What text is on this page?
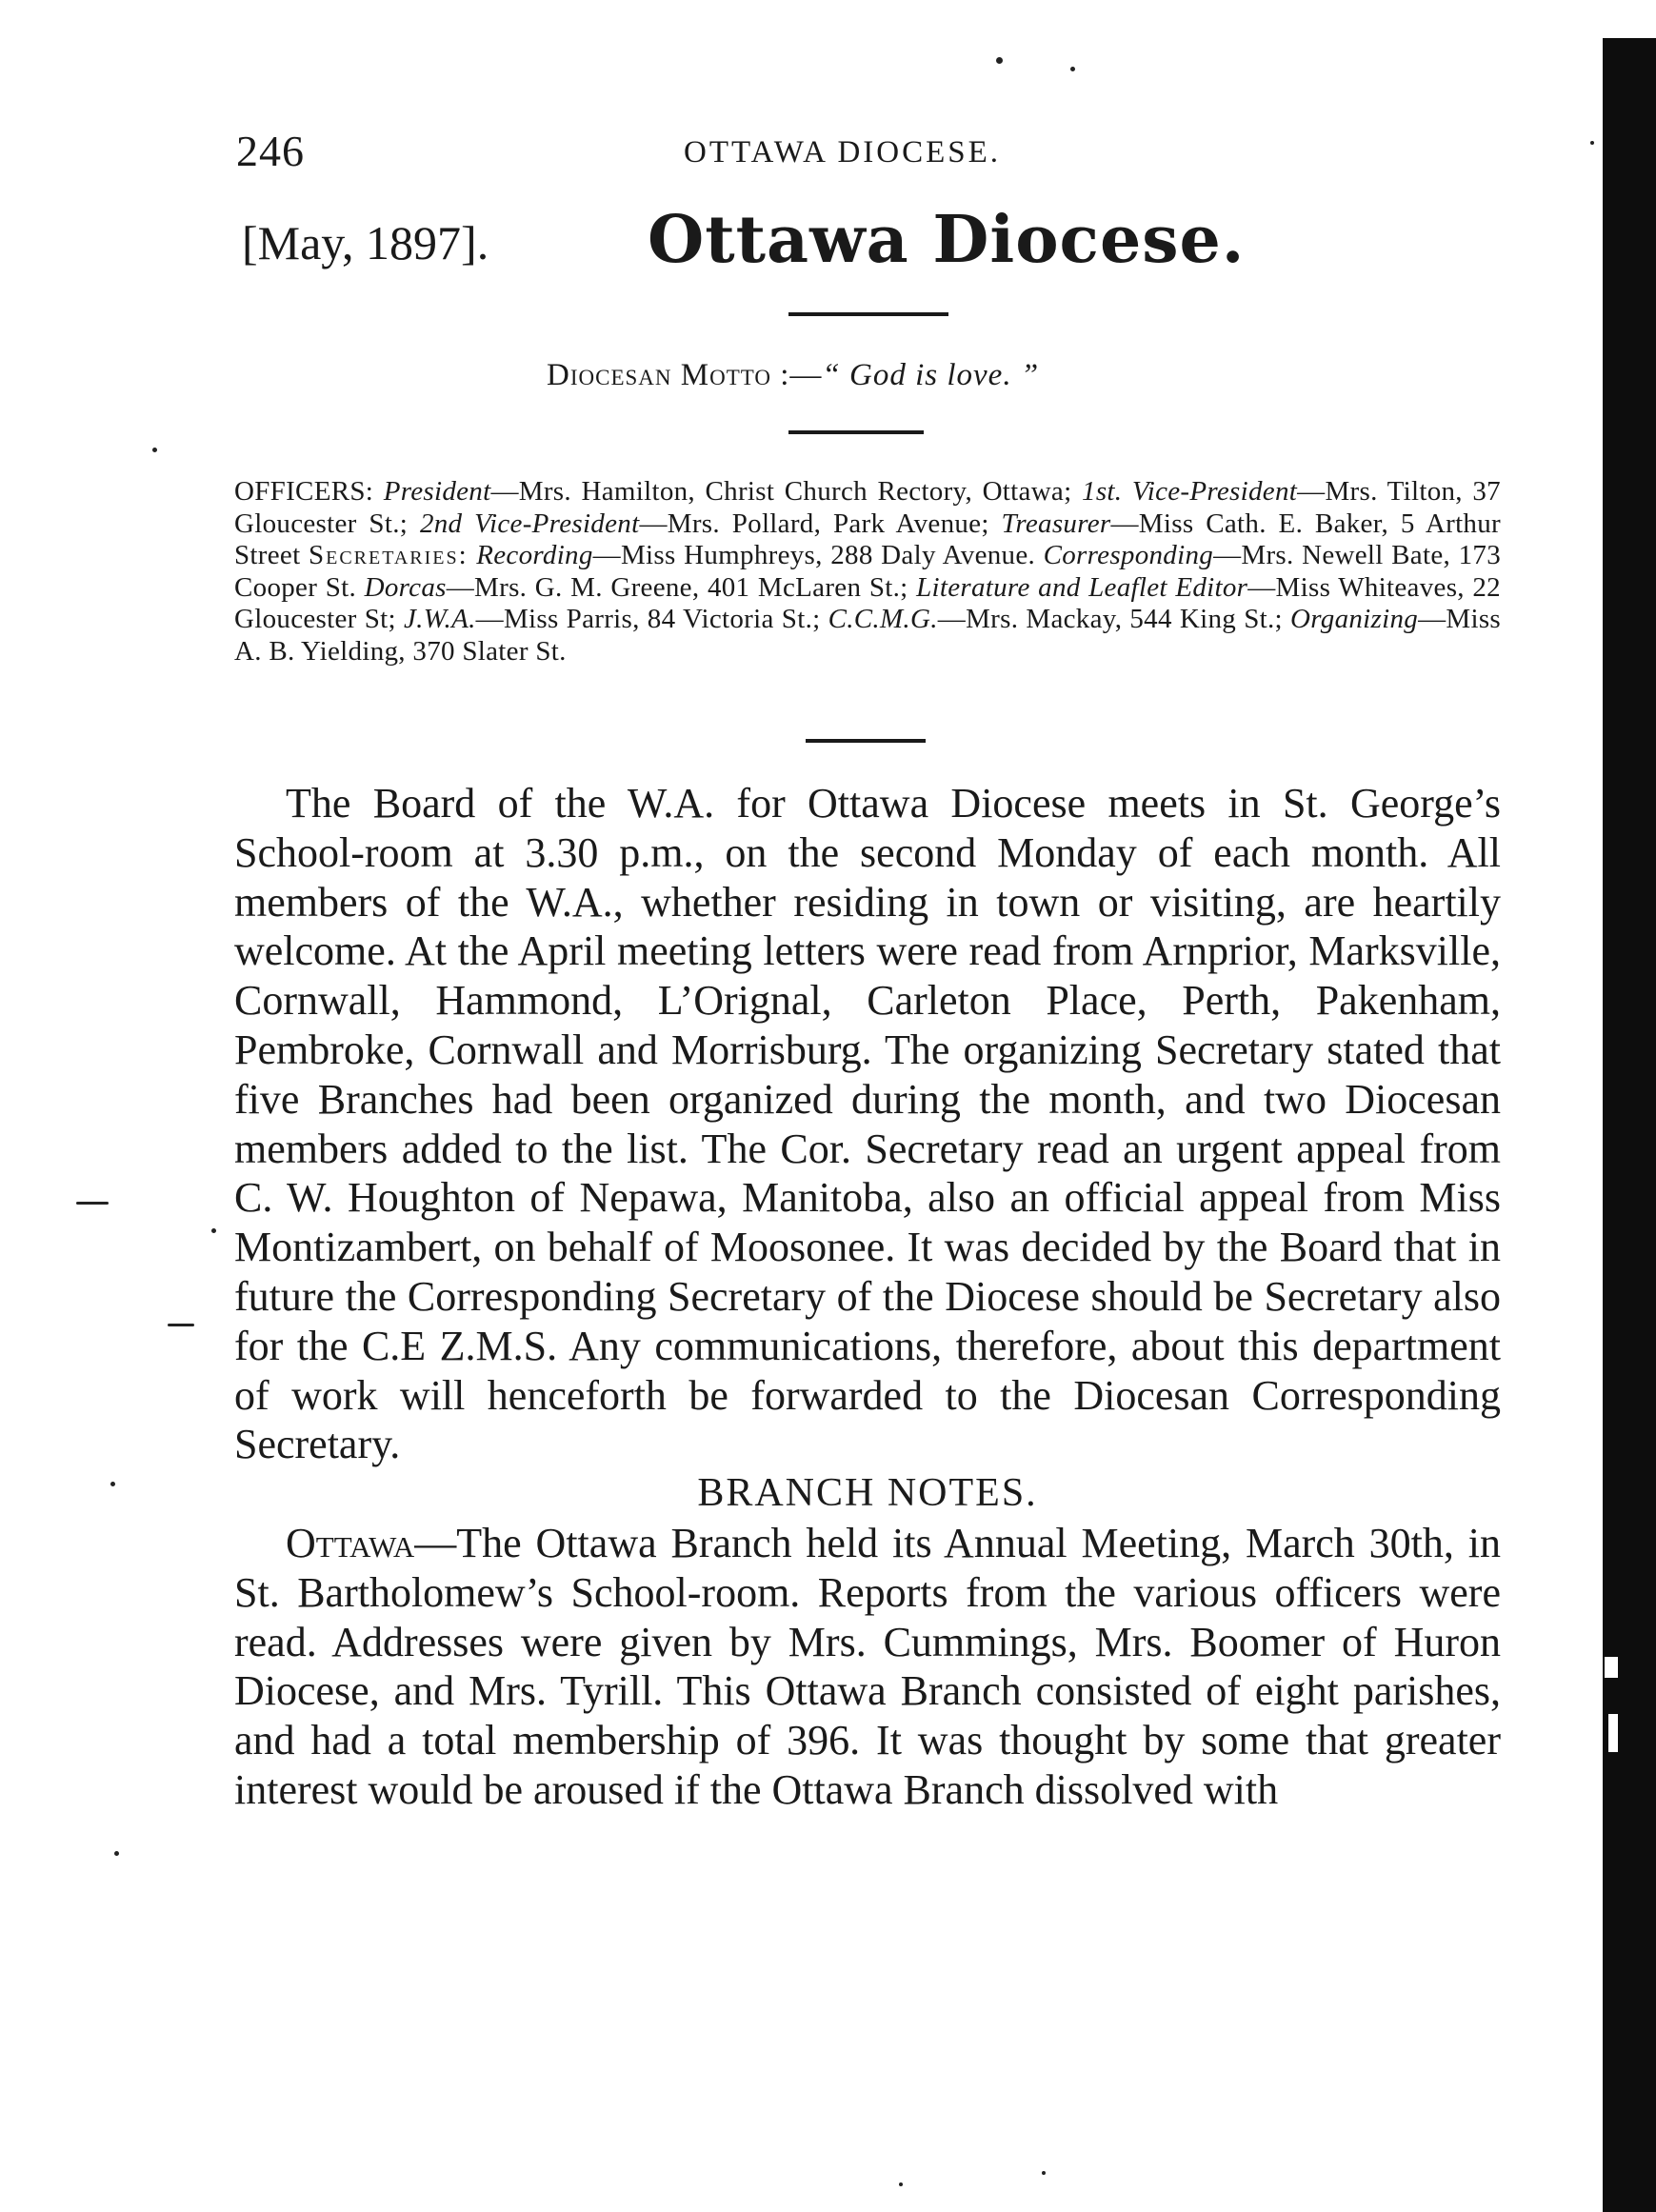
246	OTTAWA DIOCESE.
[May, 1897]. Ottawa Diocese.
Diocesan Motto :—“ God is love. ”
OFFICERS: President—Mrs. Hamilton, Christ Church Rectory, Ottawa; 1st. Vice-President—Mrs. Tilton, 37 Gloucester St.; 2nd Vice-President—Mrs. Pollard, Park Avenue; Treasurer—Miss Cath. E. Baker, 5 Arthur Street Secretaries: Recording—Miss Humphreys, 288 Daly Avenue. Corresponding—Mrs. Newell Bate, 173 Cooper St. Dorcas—Mrs. G. M. Greene, 401 McLaren St.; Literature and Leaflet Editor—Miss Whiteaves, 22 Gloucester St; J.W.A.—Miss Parris, 84 Victoria St.; C.C.M.G.—Mrs. Mackay, 544 King St.; Organizing—Miss A. B. Yielding, 370 Slater St.

The Board of the W.A. for Ottawa Diocese meets in St. George’s School-room at 3.30 p.m., on the second Monday of each month. All members of the W.A., whether residing in town or visiting, are heartily welcome. At the April meeting letters were read from Arnprior, Marksville, Cornwall, Hammond, L’Orignal, Carleton Place, Perth, Pakenham, Pembroke, Cornwall and Morrisburg. The organizing Secretary stated that five Branches had been organized during the month, and two Diocesan members added to the list. The Cor. Secretary read an urgent appeal from C. W. Houghton of Nepawa, Manitoba, also an official appeal from Miss Montizambert, on behalf of Moosonee. It was decided by the Board that in future the Corresponding Secretary of the Diocese should be Secretary also for the C.E Z.M.S. Any communications, therefore, about this department of work will henceforth be forwarded to the Diocesan Corresponding Secretary.

BRANCH NOTES.

Ottawa—The Ottawa Branch held its Annual Meeting, March 30th, in St. Bartholomew’s School-room. Reports from the various officers were read. Addresses were given by Mrs. Cummings, Mrs. Boomer of Huron Diocese, and Mrs. Tyrill. This Ottawa Branch consisted of eight parishes, and had a total membership of 396. It was thought by some that greater interest would be aroused if the Ottawa Branch dissolved with
